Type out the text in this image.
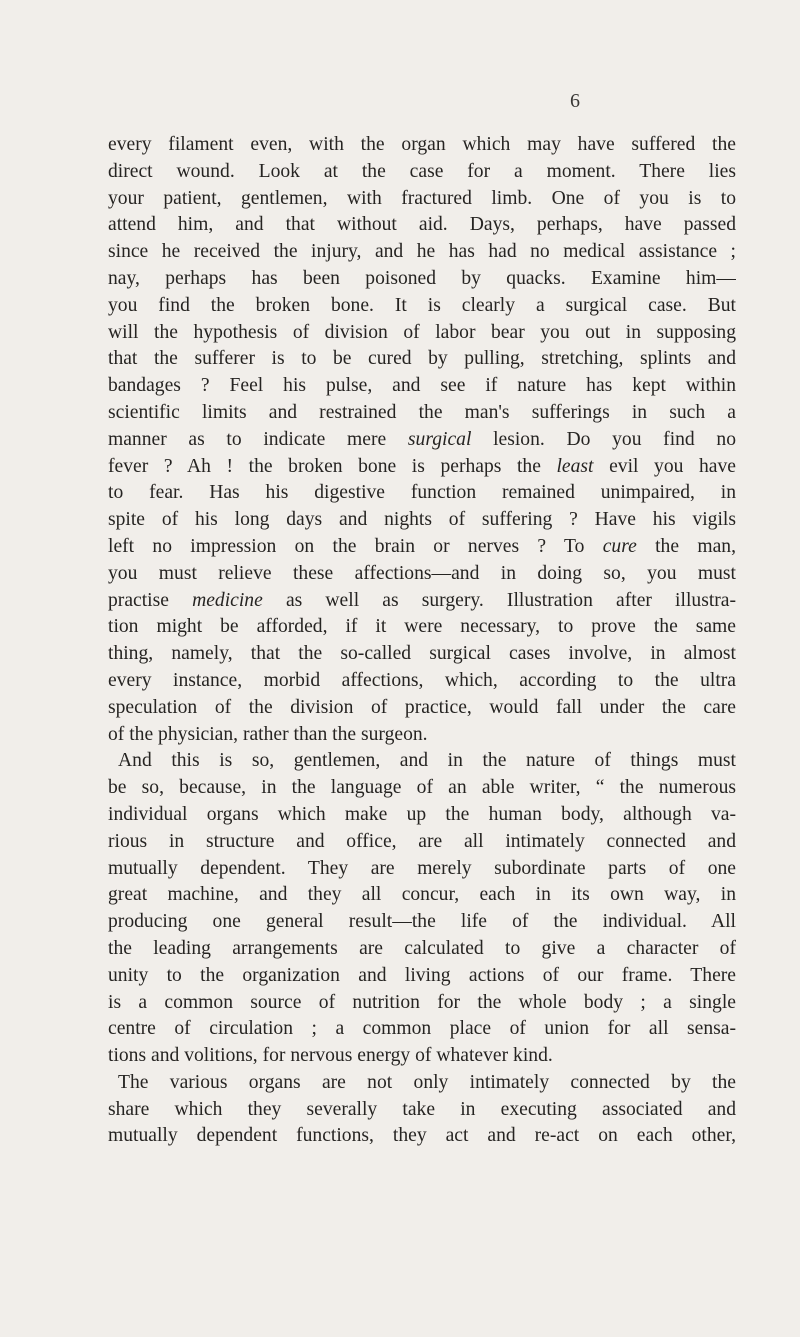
6
every filament even, with the organ which may have suffered the
direct wound. Look at the case for a moment. There lies
your patient, gentlemen, with fractured limb. One of you is to
attend him, and that without aid. Days, perhaps, have passed
since he received the injury, and he has had no medical assistance ;
nay, perhaps has been poisoned by quacks. Examine him—
you find the broken bone. It is clearly a surgical case. But
will the hypothesis of division of labor bear you out in supposing
that the sufferer is to be cured by pulling, stretching, splints and
bandages ? Feel his pulse, and see if nature has kept within
scientific limits and restrained the man's sufferings in such a
manner as to indicate mere surgical lesion. Do you find no
fever ? Ah ! the broken bone is perhaps the least evil you have
to fear. Has his digestive function remained unimpaired, in
spite of his long days and nights of suffering ? Have his vigils
left no impression on the brain or nerves ? To cure the man,
you must relieve these affections—and in doing so, you must
practise medicine as well as surgery. Illustration after illustra-
tion might be afforded, if it were necessary, to prove the same
thing, namely, that the so-called surgical cases involve, in almost
every instance, morbid affections, which, according to the ultra
speculation of the division of practice, would fall under the care
of the physician, rather than the surgeon.
And this is so, gentlemen, and in the nature of things must
be so, because, in the language of an able writer, “ the numerous
individual organs which make up the human body, although va-
rious in structure and office, are all intimately connected and
mutually dependent. They are merely subordinate parts of one
great machine, and they all concur, each in its own way, in
producing one general result—the life of the individual. All
the leading arrangements are calculated to give a character of
unity to the organization and living actions of our frame. There
is a common source of nutrition for the whole body ; a single
centre of circulation ; a common place of union for all sensa-
tions and volitions, for nervous energy of whatever kind.
The various organs are not only intimately connected by the
share which they severally take in executing associated and
mutually dependent functions, they act and re-act on each other,
